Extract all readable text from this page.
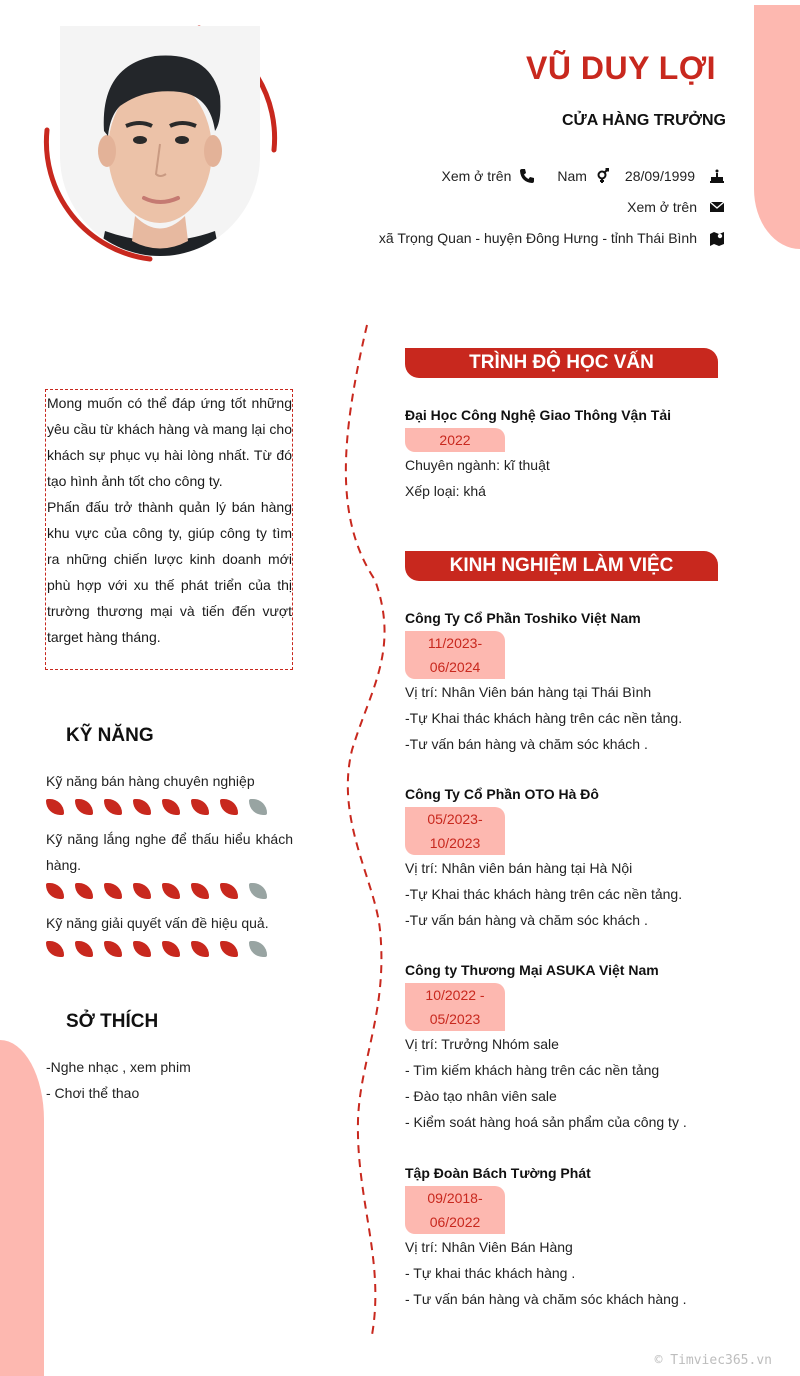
VŨ DUY LỢI
CỬA HÀNG TRƯỞNG
Xem ở trên	Nam	28/09/1999
Xem ở trên
xã Trọng Quan - huyện Đông Hưng - tỉnh Thái Bình

Mong muốn có thể đáp ứng tốt những yêu cầu từ khách hàng và mang lại cho khách sự phục vụ hài lòng nhất. Từ đó tạo hình ảnh tốt cho công ty.

Phấn đấu trở thành quản lý bán hàng khu vực của công ty, giúp công ty tìm ra những chiến lược kinh doanh mới phù hợp với xu thế phát triển của thị trường thương mại và tiến đến vượt target hàng tháng.

KỸ NĂNG
Kỹ năng bán hàng chuyên nghiệp
Kỹ năng lắng nghe để thấu hiểu khách hàng.
Kỹ năng giải quyết vấn đề hiệu quả.
SỞ THÍCH
-Nghe nhạc , xem phim
- Chơi thể thao
TRÌNH ĐỘ HỌC VẤN
Đại Học Công Nghệ Giao Thông Vận Tải
2022
Chuyên ngành: kĩ thuật
Xếp loại: khá
KINH NGHIỆM LÀM VIỆC
Công Ty Cổ Phần Toshiko Việt Nam
11/2023-
06/2024
Vị trí: Nhân Viên bán hàng tại Thái Bình
-Tự Khai thác khách hàng trên các nền tảng.
-Tư vấn bán hàng và chăm sóc khách .
Công Ty Cổ Phần OTO Hà Đô
05/2023-
10/2023
Vị trí: Nhân viên bán hàng tại Hà Nội
-Tự Khai thác khách hàng trên các nền tảng.
-Tư vấn bán hàng và chăm sóc khách .
Công ty Thương Mại ASUKA Việt Nam
10/2022 -
05/2023
Vị trí: Trưởng Nhóm sale
- Tìm kiếm khách hàng trên các nền tảng
- Đào tạo nhân viên sale
- Kiểm soát hàng hoá sản phẩm của công ty .
Tập Đoàn Bách Tường Phát
09/2018-
06/2022
Vị trí: Nhân Viên Bán Hàng
- Tự khai thác khách hàng .
- Tư vấn bán hàng và chăm sóc khách hàng .
© Timviec365.vn
